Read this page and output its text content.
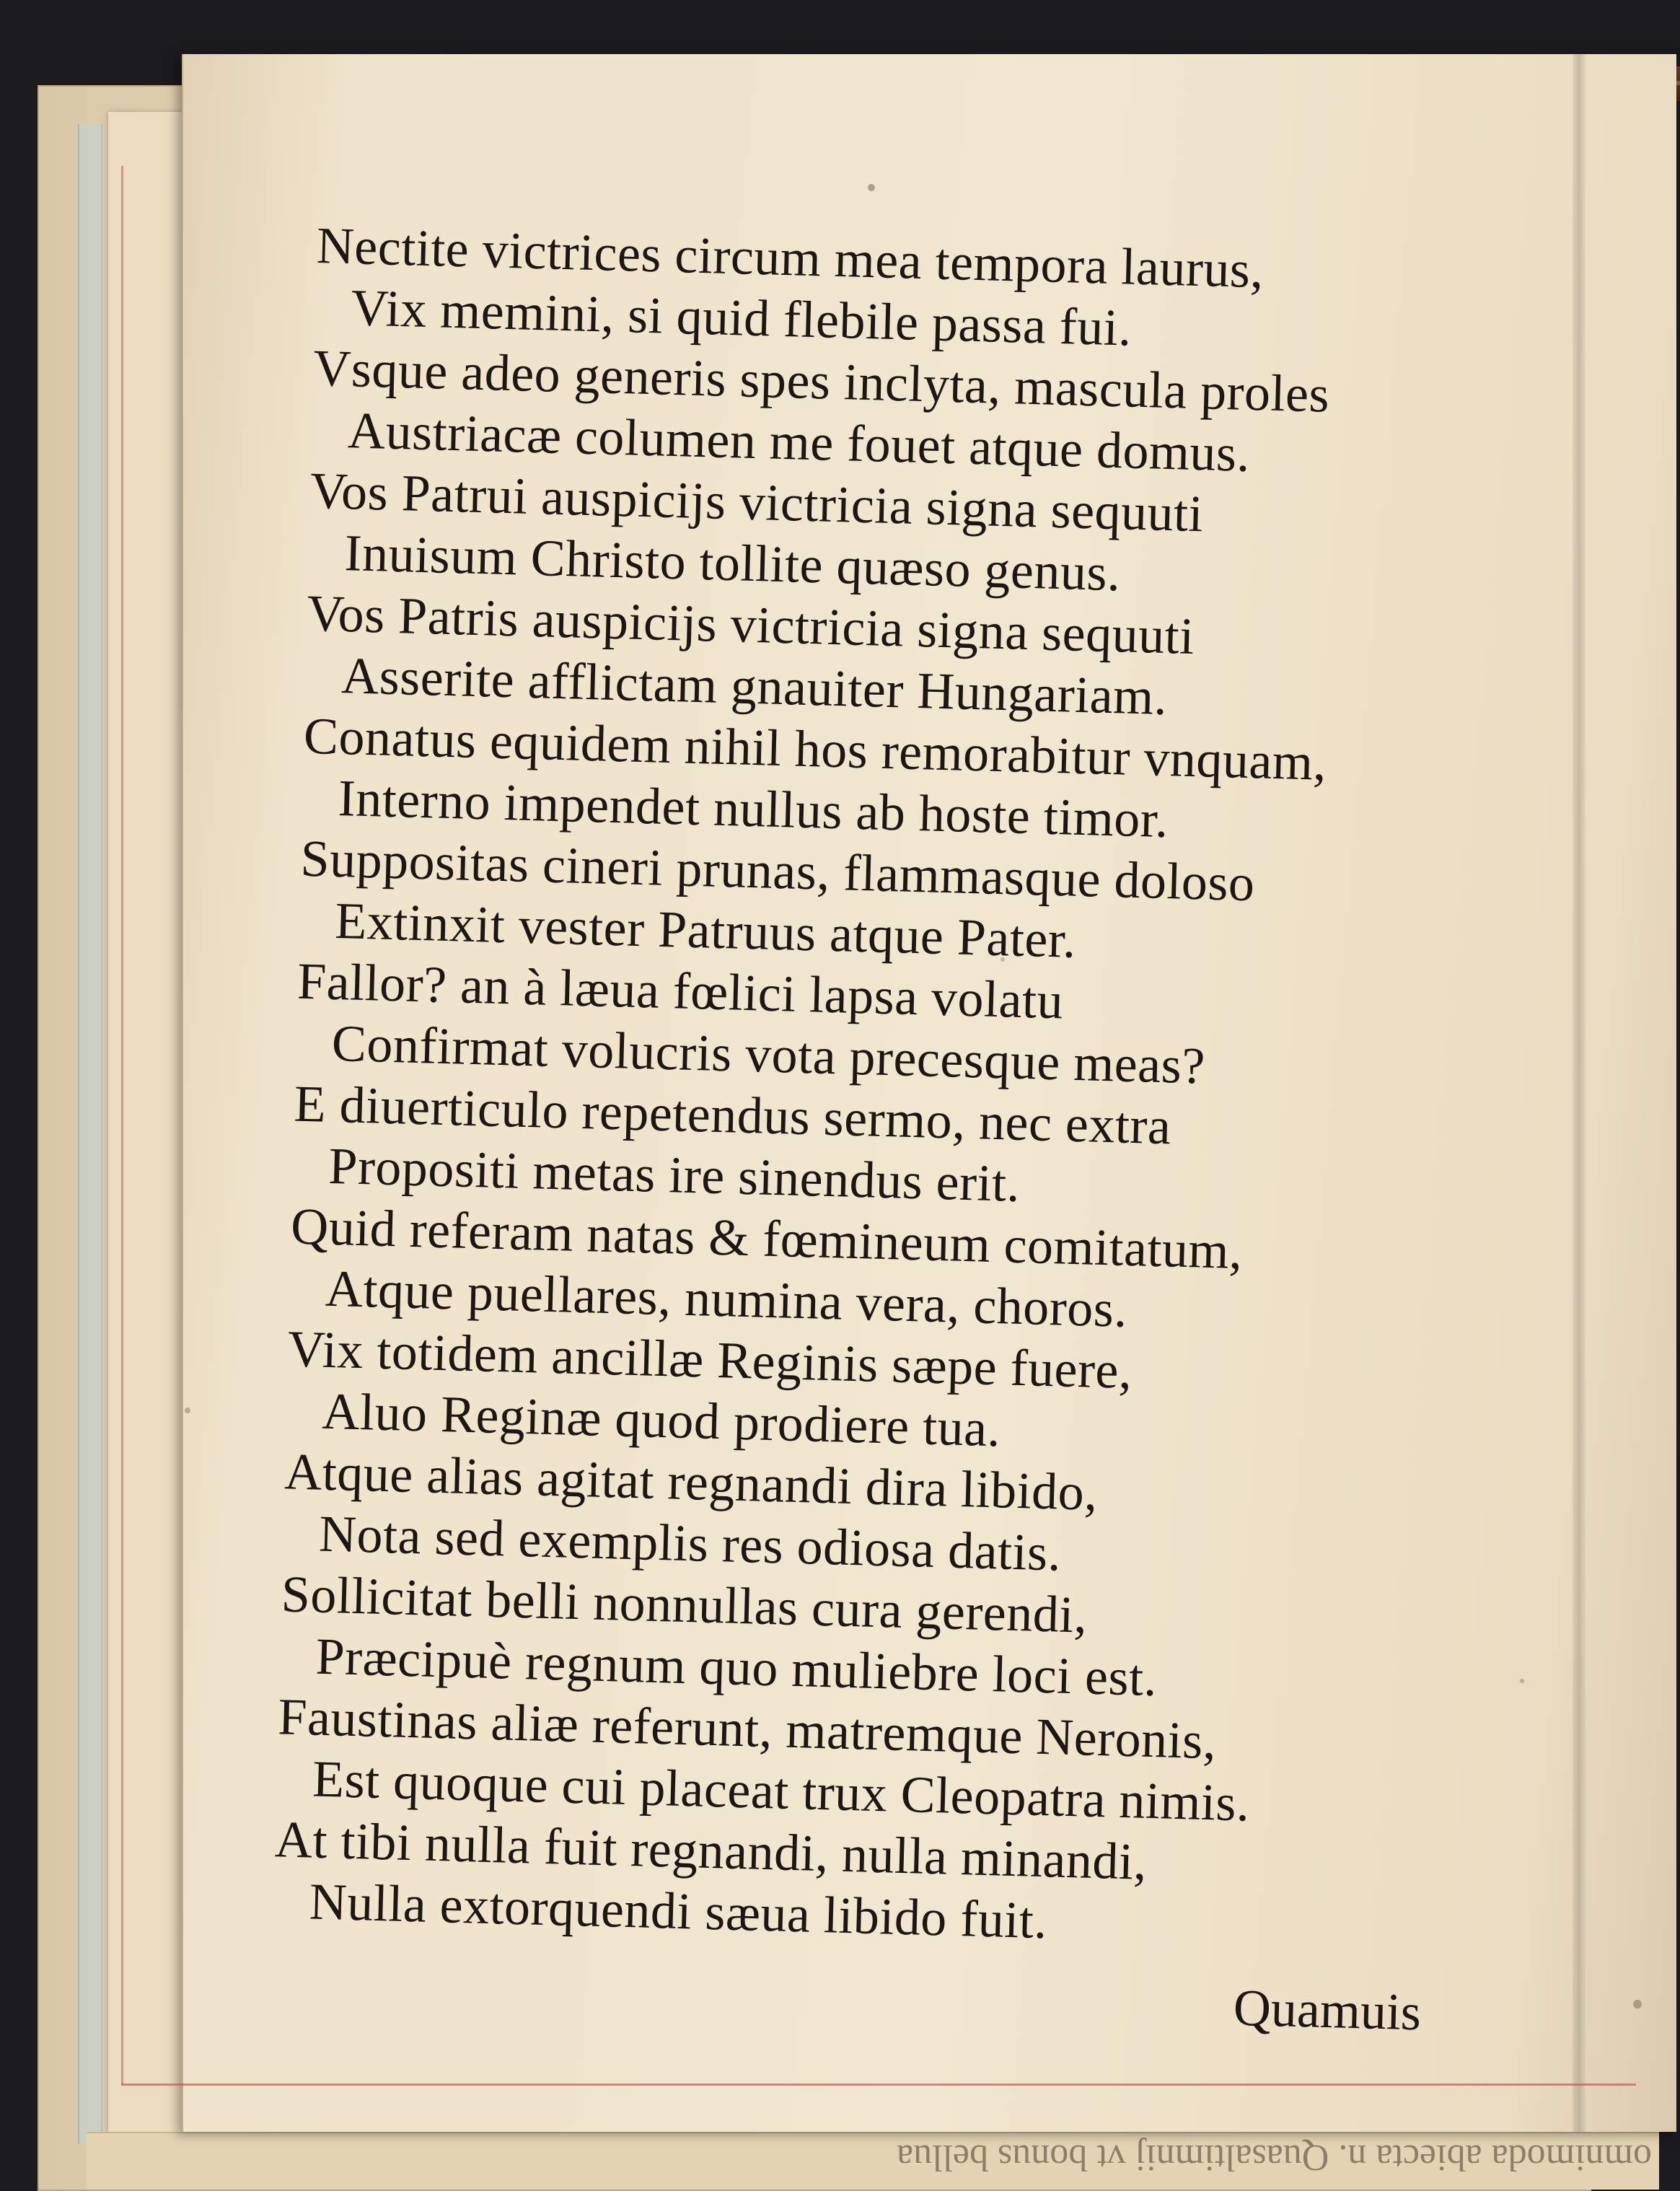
omnimoda abiecta n. Quasaltimnij vt bonus bellua
Nectite victrices circum mea tempora laurus,
Vix memini, si quid flebile passa fui.
Vsque adeo generis spes inclyta, mascula proles
Austriacæ columen me fouet atque domus.
Vos Patrui auspicijs victricia signa sequuti
Inuisum Christo tollite quæso genus.
Vos Patris auspicijs victricia signa sequuti
Asserite afflictam gnauiter Hungariam.
Conatus equidem nihil hos remorabitur vnquam,
Interno impendet nullus ab hoste timor.
Suppositas cineri prunas, flammasque doloso
Extinxit vester Patruus atque Pater.
Fallor? an à læua fœlici lapsa volatu
Confirmat volucris vota precesque meas?
E diuerticulo repetendus sermo, nec extra
Propositi metas ire sinendus erit.
Quid referam natas & fœmineum comitatum,
Atque puellares, numina vera, choros.
Vix totidem ancillæ Reginis sæpe fuere,
Aluo Reginæ quod prodiere tua.
Atque alias agitat regnandi dira libido,
Nota sed exemplis res odiosa datis.
Sollicitat belli nonnullas cura gerendi,
Præcipuè regnum quo muliebre loci est.
Faustinas aliæ referunt, matremque Neronis,
Est quoque cui placeat trux Cleopatra nimis.
At tibi nulla fuit regnandi, nulla minandi,
Nulla extorquendi sæua libido fuit.
Quamuis
